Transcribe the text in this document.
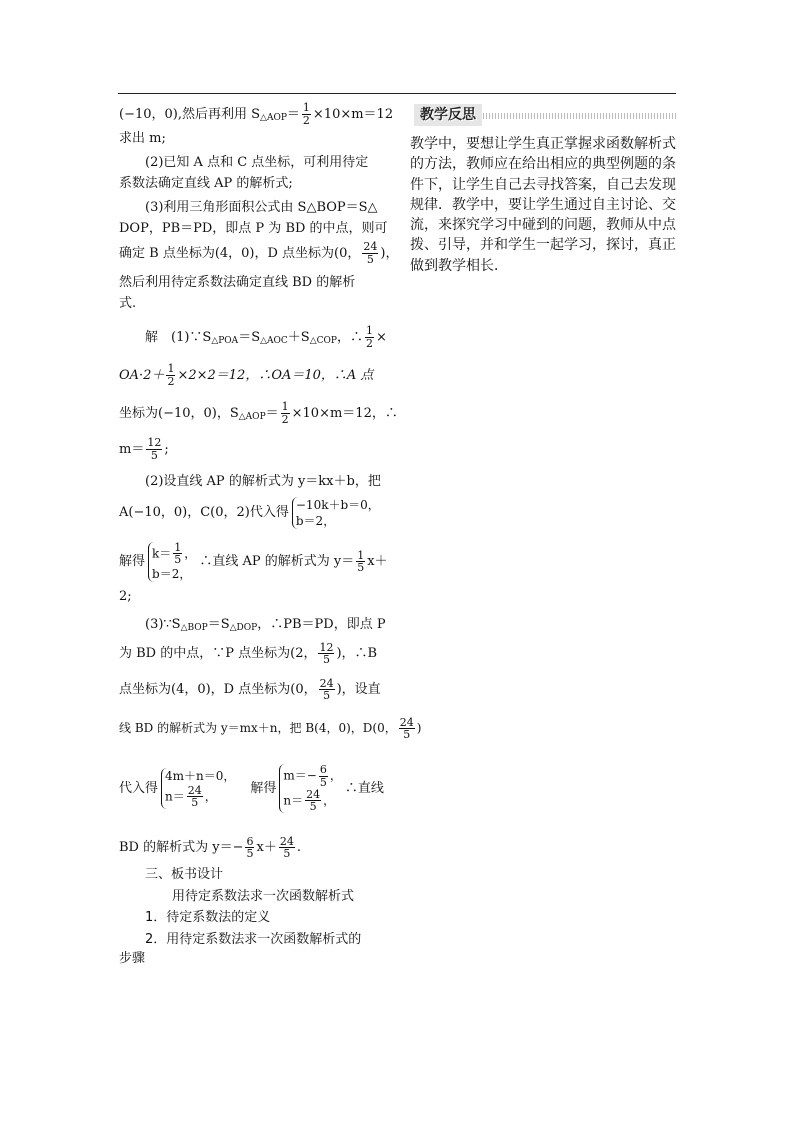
(−10，0),然后再利用 $S_{\triangle AOP}= \frac{1}{2} \times 10\times m=12$
求出 m;
(2)已知 A 点和 C 点坐标，可利用待定
系数法确定直线 AP 的解析式;
(3)利用三角形面积公式由 S△BOP＝S△
DOP，PB＝PD，即点 P 为 BD 的中点，则可
确定 B 点坐标为(4，0)，D 点坐标为(0， $\frac{24}{5}$ )，
然后利用待定系数法确定直线 BD 的解析
式.
解　$(1)\because S_{\triangle POA}=S_{\triangle AOC}+S_{\triangle COP}$，∴ $\frac{1}{2}$ ×
$OA\cdot 2+ \frac{1}{2} \times 2\times 2=12$，∴OA＝10，∴A 点
坐标为(−10，0)，$S_{\triangle AOP}= \frac{1}{2} \times 10\times m=12$，∴
$m= \frac{12}{5}$ ;
(2)设直线 AP 的解析式为 y＝kx＋b，把
A(−10，0)，C(0，2)代入得
−10k＋b＝0，
b＝2，
解得
$k= \frac{1}{5}$ ，
b＝2，
∴直线 AP 的解析式为 $y= \frac{1}{5} x+$
2;
$(3)\because S_{\triangle BOP}=S_{\triangle DOP}$，∴PB＝PD，即点 P
为 BD 的中点，∵P 点坐标为(2， $\frac{12}{5}$ )，∴B
点坐标为(4，0)，D 点坐标为(0， $\frac{24}{5}$ )，设直
线 BD 的解析式为 y＝mx＋n，把 B(4，0)，D(0， $\frac{24}{5}$ )
代入得
4m＋n＝0，
$n= \frac{24}{5}$ ，
解得
$m=- \frac{6}{5}$ ，
$n= \frac{24}{5}$ ，
∴直线
BD 的解析式为 $y=- \frac{6}{5} x+ \frac{24}{5}$ .
三、板书设计
用待定系数法求一次函数解析式
1．待定系数法的定义
2．用待定系数法求一次函数解析式的
步骤
教学反思
教学中，要想让学生真正掌握求函数解析式的方法，教师应在给出相应的典型例题的条件下，让学生自己去寻找答案，自己去发现规律．教学中，要让学生通过自主讨论、交流，来探究学习中碰到的问题，教师从中点拨、引导，并和学生一起学习，探讨，真正做到教学相长．
